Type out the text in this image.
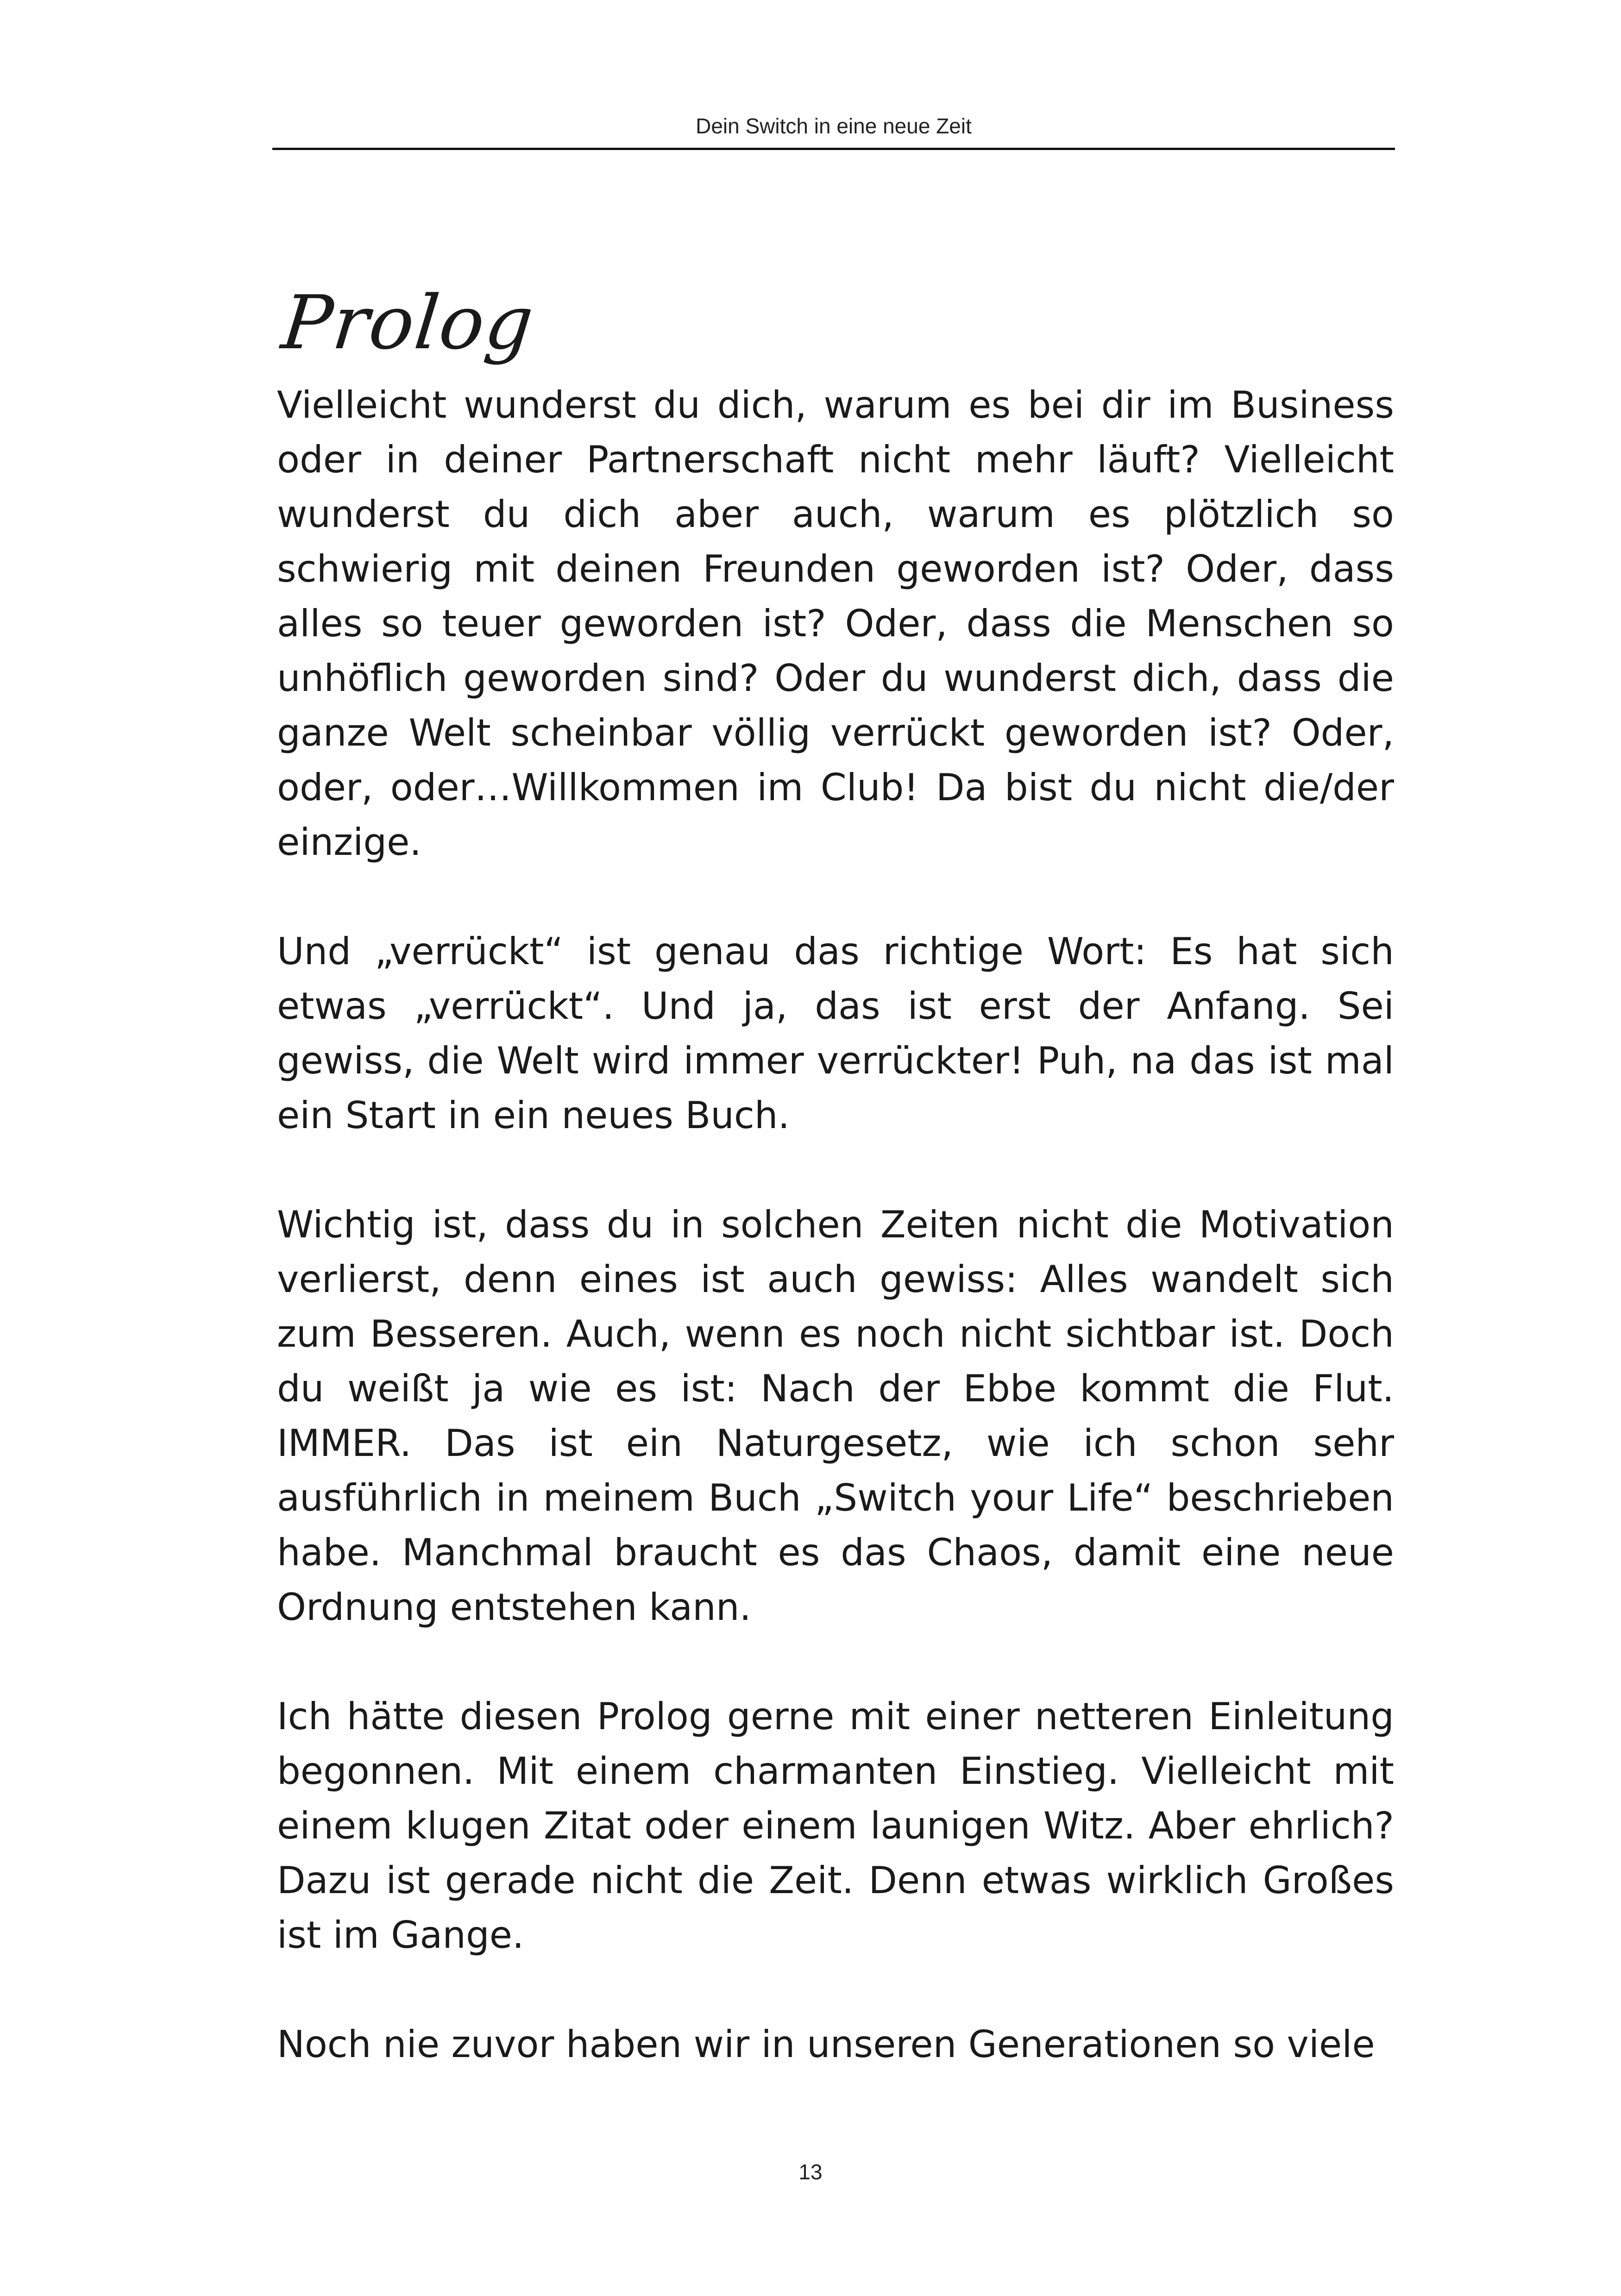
Dein Switch in eine neue Zeit
Prolog

Vielleicht wunderst du dich, warum es bei dir im Business oder in deiner Partnerschaft nicht mehr läuft? Vielleicht wunderst du dich aber auch, warum es plötzlich so schwierig mit deinen Freunden geworden ist? Oder, dass alles so teuer geworden ist? Oder, dass die Menschen so unhöflich geworden sind? Oder du wunderst dich, dass die ganze Welt scheinbar völlig verrückt geworden ist? Oder, oder, oder…Willkommen im Club! Da bist du nicht die/der einzige.

Und „verrückt“ ist genau das richtige Wort: Es hat sich etwas „verrückt“. Und ja, das ist erst der Anfang. Sei gewiss, die Welt wird immer verrückter! Puh, na das ist mal ein Start in ein neues Buch.

Wichtig ist, dass du in solchen Zeiten nicht die Motivation verlierst, denn eines ist auch gewiss: Alles wandelt sich zum Besseren. Auch, wenn es noch nicht sichtbar ist. Doch du weißt ja wie es ist: Nach der Ebbe kommt die Flut. IMMER. Das ist ein Naturgesetz, wie ich schon sehr ausführlich in meinem Buch „Switch your Life“ beschrieben habe. Manchmal braucht es das Chaos, damit eine neue Ordnung entstehen kann.

Ich hätte diesen Prolog gerne mit einer netteren Einleitung begonnen. Mit einem charmanten Einstieg. Vielleicht mit einem klugen Zitat oder einem launigen Witz. Aber ehrlich? Dazu ist gerade nicht die Zeit. Denn etwas wirklich Großes ist im Gange.

Noch nie zuvor haben wir in unseren Generationen so viele

13
